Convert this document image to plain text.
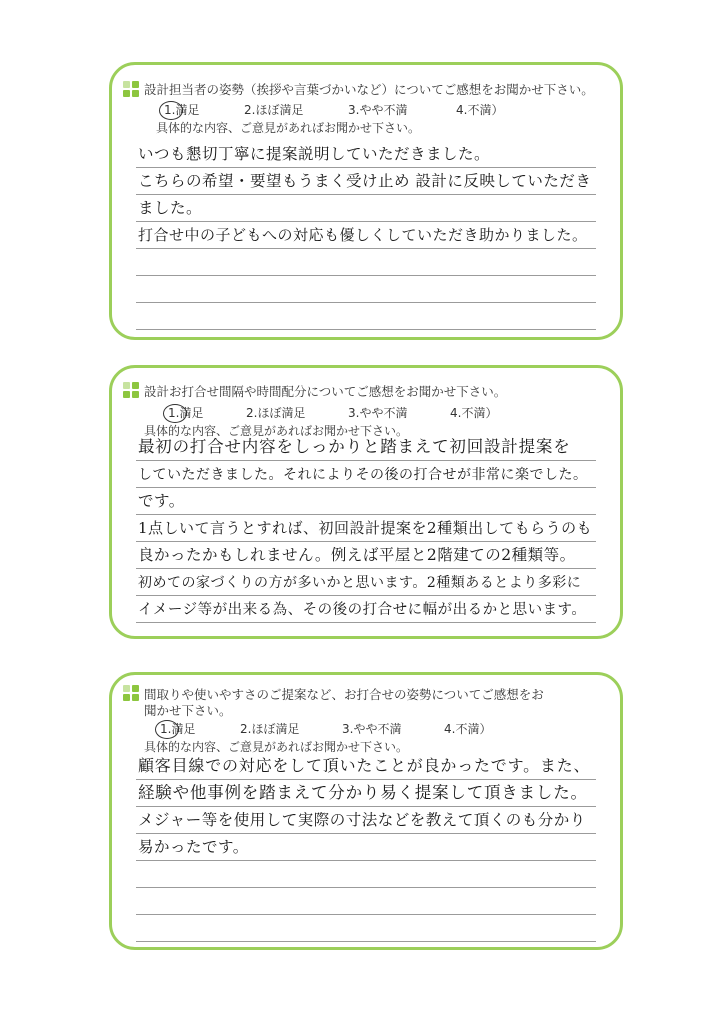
設計担当者の姿勢（挨拶や言葉づかいなど）についてご感想をお聞かせ下さい。
1.満足	2.ほぼ満足	3.やや不満	4.不満）
具体的な内容、ご意見があればお聞かせ下さい。
いつも懇切丁寧に提案説明していただきました。
こちらの希望・要望もうまく受け止め 設計に反映していただき
ました。
打合せ中の子どもへの対応も優しくしていただき助かりました。
設計お打合せ間隔や時間配分についてご感想をお聞かせ下さい。
1.満足	2.ほぼ満足	3.やや不満	4.不満）
具体的な内容、ご意見があればお聞かせ下さい。
最初の打合せ内容をしっかりと踏まえて初回設計提案を
していただきました。それによりその後の打合せが非常に楽でした。
です。
1点しいて言うとすれば、初回設計提案を2種類出してもらうのも
良かったかもしれません。例えば平屋と2階建ての2種類等。
初めての家づくりの方が多いかと思います。2種類あるとより多彩に
イメージ等が出来る為、その後の打合せに幅が出るかと思います。
間取りや使いやすさのご提案など、お打合せの姿勢についてご感想をお聞かせ下さい。
1.満足	2.ほぼ満足	3.やや不満	4.不満）
具体的な内容、ご意見があればお聞かせ下さい。
顧客目線での対応をして頂いたことが良かったです。また、
経験や他事例を踏まえて分かり易く提案して頂きました。
メジャー等を使用して実際の寸法などを教えて頂くのも分かり
易かったです。
